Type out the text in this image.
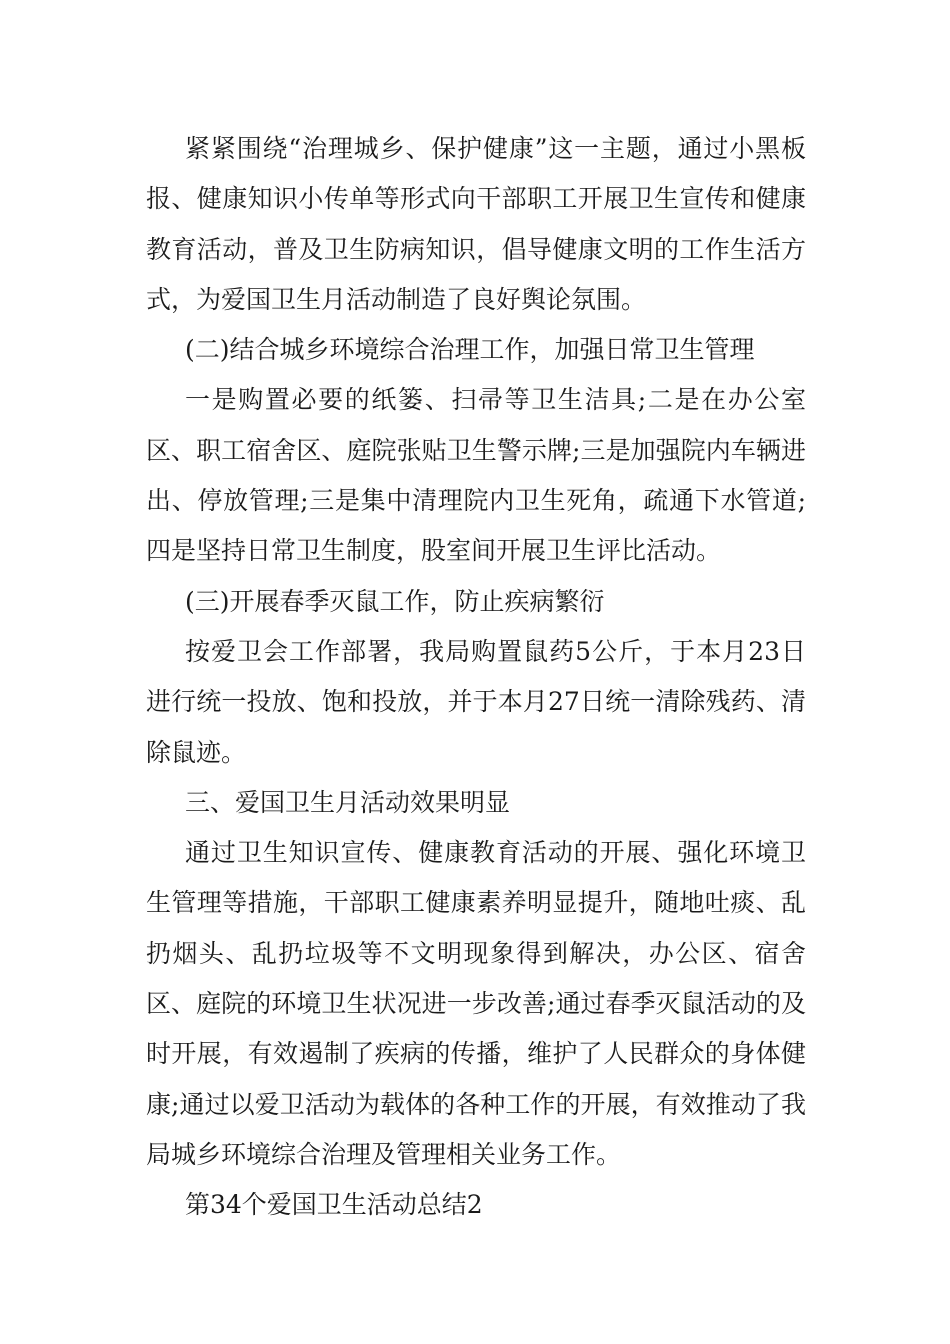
紧紧围绕“治理城乡、保护健康”这一主题，通过小黑板报、健康知识小传单等形式向干部职工开展卫生宣传和健康教育活动，普及卫生防病知识，倡导健康文明的工作生活方式，为爱国卫生月活动制造了良好舆论氛围。

(二)结合城乡环境综合治理工作，加强日常卫生管理

一是购置必要的纸篓、扫帚等卫生洁具;二是在办公室区、职工宿舍区、庭院张贴卫生警示牌;三是加强院内车辆进出、停放管理;三是集中清理院内卫生死角，疏通下水管道;四是坚持日常卫生制度，股室间开展卫生评比活动。

(三)开展春季灭鼠工作，防止疾病繁衍

按爱卫会工作部署，我局购置鼠药5公斤，于本月23日进行统一投放、饱和投放，并于本月27日统一清除残药、清除鼠迹。

三、爱国卫生月活动效果明显

通过卫生知识宣传、健康教育活动的开展、强化环境卫生管理等措施，干部职工健康素养明显提升，随地吐痰、乱扔烟头、乱扔垃圾等不文明现象得到解决，办公区、宿舍区、庭院的环境卫生状况进一步改善;通过春季灭鼠活动的及时开展，有效遏制了疾病的传播，维护了人民群众的身体健康;通过以爱卫活动为载体的各种工作的开展，有效推动了我局城乡环境综合治理及管理相关业务工作。

第34个爱国卫生活动总结2
